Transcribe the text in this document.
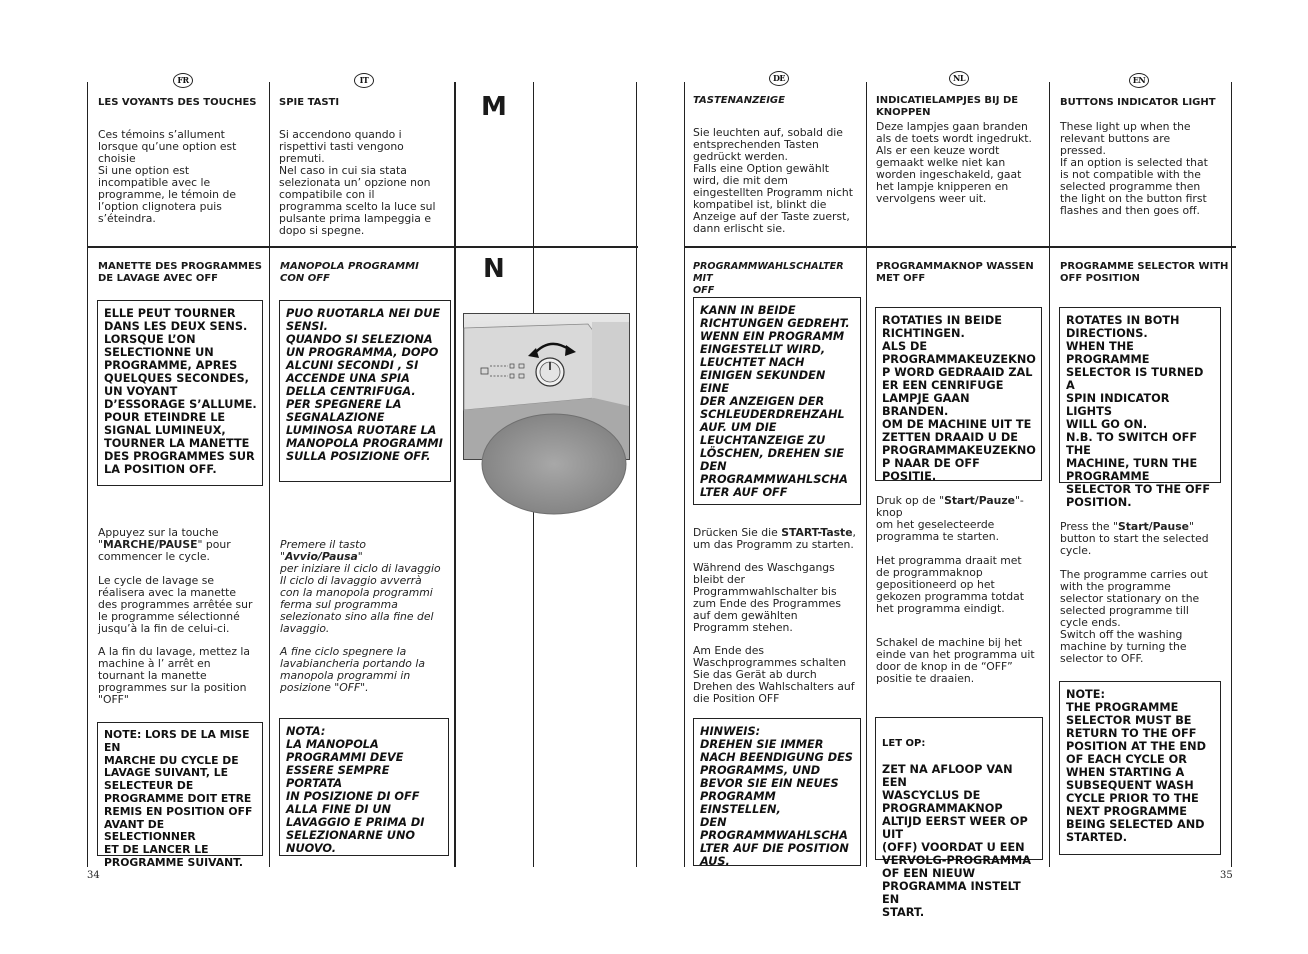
FR	IT	DE	NL	EN
M
N
LES VOYANTS DES TOUCHES
Ces témoins s’allument
lorsque qu’une option est
choisie
Si une option est
incompatible avec le
programme, le témoin de
l’option clignotera puis
s’éteindra.
MANETTE DES PROGRAMMES
DE LAVAGE AVEC OFF
ELLE PEUT TOURNER
DANS LES DEUX SENS.
LORSQUE L’ON
SELECTIONNE UN
PROGRAMME, APRES
QUELQUES SECONDES,
UN VOYANT
D’ESSORAGE S’ALLUME.
POUR ETEINDRE LE
SIGNAL LUMINEUX,
TOURNER LA MANETTE
DES PROGRAMMES SUR
LA POSITION OFF.
Appuyez sur la touche
"MARCHE/PAUSE" pour
commencer le cycle.
Le cycle de lavage se
réalisera avec la manette
des programmes arrêtée sur
le programme sélectionné
jusqu’à la fin de celui-ci.
A la fin du lavage, mettez la
machine à l’ arrêt en
tournant la manette
programmes sur la position
"OFF"
NOTE: LORS DE LA MISE EN
MARCHE DU CYCLE DE
LAVAGE SUIVANT, LE
SELECTEUR DE
PROGRAMME DOIT ETRE
REMIS EN POSITION OFF
AVANT DE SELECTIONNER
ET DE LANCER LE
PROGRAMME SUIVANT.
34
SPIE TASTI
Si accendono quando i
rispettivi tasti vengono
premuti.
Nel caso in cui sia stata
selezionata un’ opzione non
compatibile con il
programma scelto la luce sul
pulsante prima lampeggia e
dopo si spegne.
MANOPOLA PROGRAMMI
CON OFF
PUO RUOTARLA NEI DUE
SENSI.
QUANDO SI SELEZIONA
UN PROGRAMMA, DOPO
ALCUNI SECONDI , SI
ACCENDE UNA SPIA
DELLA CENTRIFUGA.
PER SPEGNERE LA
SEGNALAZIONE
LUMINOSA RUOTARE LA
MANOPOLA PROGRAMMI
SULLA POSIZIONE OFF.
Premere il tasto "Avvio/Pausa"
per iniziare il ciclo di lavaggio
Il ciclo di lavaggio avverrà
con la manopola programmi
ferma sul programma
selezionato sino alla fine del
lavaggio.
A fine ciclo spegnere la
lavabiancheria portando la
manopola programmi in
posizione "OFF".
NOTA:
LA MANOPOLA
PROGRAMMI DEVE
ESSERE SEMPRE PORTATA
IN POSIZIONE DI OFF
ALLA FINE DI UN
LAVAGGIO E PRIMA DI
SELEZIONARNE UNO
NUOVO.
TASTENANZEIGE
Sie leuchten auf, sobald die
entsprechenden Tasten
gedrückt werden.
Falls eine Option gewählt
wird, die mit dem
eingestellten Programm nicht
kompatibel ist, blinkt die
Anzeige auf der Taste zuerst,
dann erlischt sie.
PROGRAMMWAHLSCHALTER MIT
OFF
KANN IN BEIDE
RICHTUNGEN GEDREHT.
WENN EIN PROGRAMM
EINGESTELLT WIRD,
LEUCHTET NACH
EINIGEN SEKUNDEN EINE
DER ANZEIGEN DER
SCHLEUDERDREHZAHL
AUF. UM DIE
LEUCHTANZEIGE ZU
LÖSCHEN, DREHEN SIE
DEN
PROGRAMMWAHLSCHA
LTER AUF OFF
Drücken Sie die START-Taste,
um das Programm zu starten.
Während des Waschgangs
bleibt der
Programmwahlschalter bis
zum Ende des Programmes
auf dem gewählten
Programm stehen.
Am Ende des
Waschprogrammes schalten
Sie das Gerät ab durch
Drehen des Wahlschalters auf
die Position OFF
HINWEIS:
DREHEN SIE IMMER
NACH BEENDIGUNG DES
PROGRAMMS, UND
BEVOR SIE EIN NEUES
PROGRAMM EINSTELLEN,
DEN
PROGRAMMWAHLSCHA
LTER AUF DIE POSITION
AUS.
INDICATIELAMPJES BIJ DE
KNOPPEN
Deze lampjes gaan branden
als de toets wordt ingedrukt.
Als er een keuze wordt
gemaakt welke niet kan
worden ingeschakeld, gaat
het lampje knipperen en
vervolgens weer uit.
PROGRAMMAKNOP WASSEN
MET OFF
ROTATIES IN BEIDE
RICHTINGEN.
ALS DE
PROGRAMMAKEUZEKNO
P WORD GEDRAAID ZAL
ER EEN CENRIFUGE
LAMPJE GAAN
BRANDEN.
OM DE MACHINE UIT TE
ZETTEN DRAAID U DE
PROGRAMMAKEUZEKNO
P NAAR DE OFF POSITIE.
Druk op de "Start/Pauze"-knop
om het geselecteerde
programma te starten.
Het programma draait met
de programmaknop
gepositioneerd op het
gekozen programma totdat
het programma eindigt.
Schakel de machine bij het
einde van het programma uit
door de knop in de “OFF”
positie te draaien.

LET OP:

ZET NA AFLOOP VAN EEN
WASCYCLUS DE
PROGRAMMAKNOP
ALTIJD EERST WEER OP UIT
(OFF) VOORDAT U EEN
VERVOLG-PROGRAMMA
OF EEN NIEUW
PROGRAMMA INSTELT EN
START.

BUTTONS INDICATOR LIGHT
These light up when the
relevant buttons are
pressed.
If an option is selected that
is not compatible with the
selected programme then
the light on the button first
flashes and then goes off.
PROGRAMME SELECTOR WITH
OFF POSITION
ROTATES IN BOTH
DIRECTIONS.
WHEN THE
PROGRAMME
SELECTOR IS TURNED A
SPIN INDICATOR LIGHTS
WILL GO ON.
N.B. TO SWITCH OFF THE
MACHINE, TURN THE
PROGRAMME
SELECTOR TO THE OFF
POSITION.
Press the "Start/Pause"
button to start the selected
cycle.
The programme carries out
with the programme
selector stationary on the
selected programme till
cycle ends.
Switch off the washing
machine by turning the
selector to OFF.
NOTE:
THE PROGRAMME
SELECTOR MUST BE
RETURN TO THE OFF
POSITION AT THE END
OF EACH CYCLE OR
WHEN STARTING A
SUBSEQUENT WASH
CYCLE PRIOR TO THE
NEXT PROGRAMME
BEING SELECTED AND
STARTED.
35
